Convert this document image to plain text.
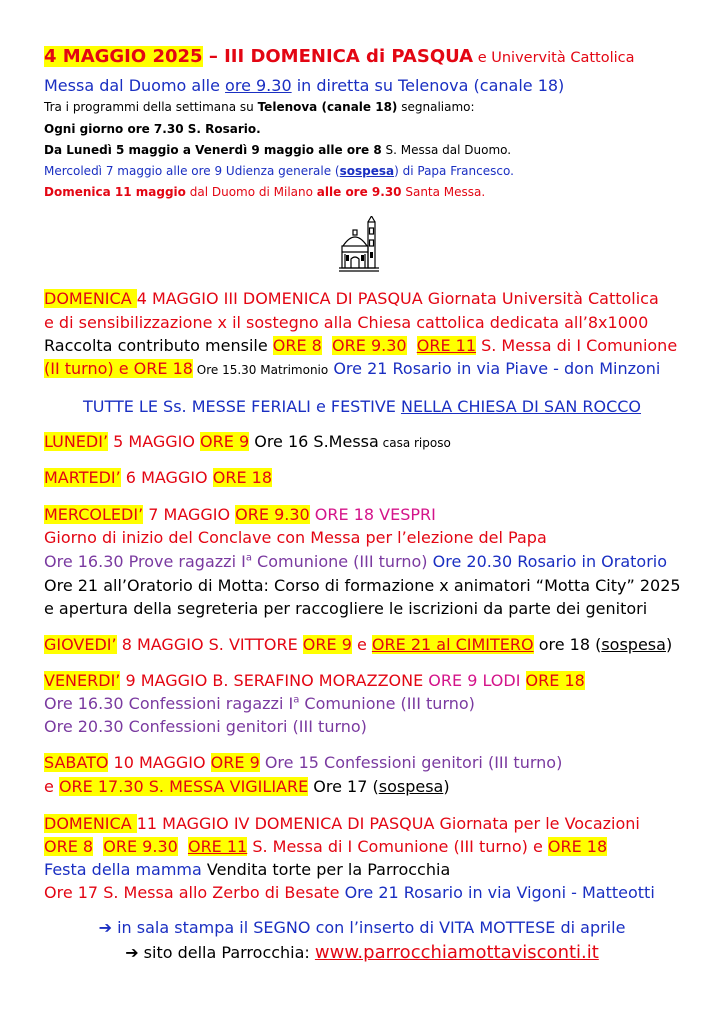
4 MAGGIO 2025 – III DOMENICA di PASQUA e Univervità Cattolica
Messa dal Duomo alle ore 9.30 in diretta su Telenova (canale 18)
Tra i programmi della settimana su Telenova (canale 18) segnaliamo:
Ogni giorno ore 7.30 S. Rosario.
Da Lunedì 5 maggio a Venerdì 9 maggio alle ore 8 S. Messa dal Duomo.
Mercoledì 7 maggio alle ore 9 Udienza generale (sospesa) di Papa Francesco.
Domenica 11 maggio dal Duomo di Milano alle ore 9.30 Santa Messa.
DOMENICA 4 MAGGIO III DOMENICA DI PASQUA Giornata Università Cattolica
e di sensibilizzazione x il sostegno alla Chiesa cattolica dedicata all’8x1000
Raccolta contributo mensile ORE 8 ORE 9.30 ORE 11 S. Messa di I Comunione
(II turno) e ORE 18 Ore 15.30 Matrimonio Ore 21 Rosario in via Piave - don Minzoni
TUTTE LE Ss. MESSE FERIALI e FESTIVE NELLA CHIESA DI SAN ROCCO
LUNEDI’ 5 MAGGIO ORE 9 Ore 16 S.Messa casa riposo
MARTEDI’ 6 MAGGIO ORE 18
MERCOLEDI’ 7 MAGGIO ORE 9.30 ORE 18 VESPRI
Giorno di inizio del Conclave con Messa per l’elezione del Papa
Ore 16.30 Prove ragazzi $I^a$ Comunione (III turno) Ore 20.30 Rosario in Oratorio
Ore 21 all’Oratorio di Motta: Corso di formazione x animatori “Motta City” 2025
e apertura della segreteria per raccogliere le iscrizioni da parte dei genitori
GIOVEDI’ 8 MAGGIO S. VITTORE ORE 9 e ORE 21 al CIMITERO ore 18 (sospesa)
VENERDI’ 9 MAGGIO B. SERAFINO MORAZZONE ORE 9 LODI ORE 18
Ore 16.30 Confessioni ragazzi $I^a$ Comunione (III turno)
Ore 20.30 Confessioni genitori (III turno)
SABATO 10 MAGGIO ORE 9 Ore 15 Confessioni genitori (III turno)
e ORE 17.30 S. MESSA VIGILIARE Ore 17 (sospesa)
DOMENICA 11 MAGGIO IV DOMENICA DI PASQUA Giornata per le Vocazioni
ORE 8 ORE 9.30 ORE 11 S. Messa di I Comunione (III turno) e ORE 18
Festa della mamma Vendita torte per la Parrocchia
Ore 17 S. Messa allo Zerbo di Besate Ore 21 Rosario in via Vigoni - Matteotti
➔ in sala stampa il SEGNO con l’inserto di VITA MOTTESE di aprile
➔ sito della Parrocchia: www.parrocchiamottavisconti.it
